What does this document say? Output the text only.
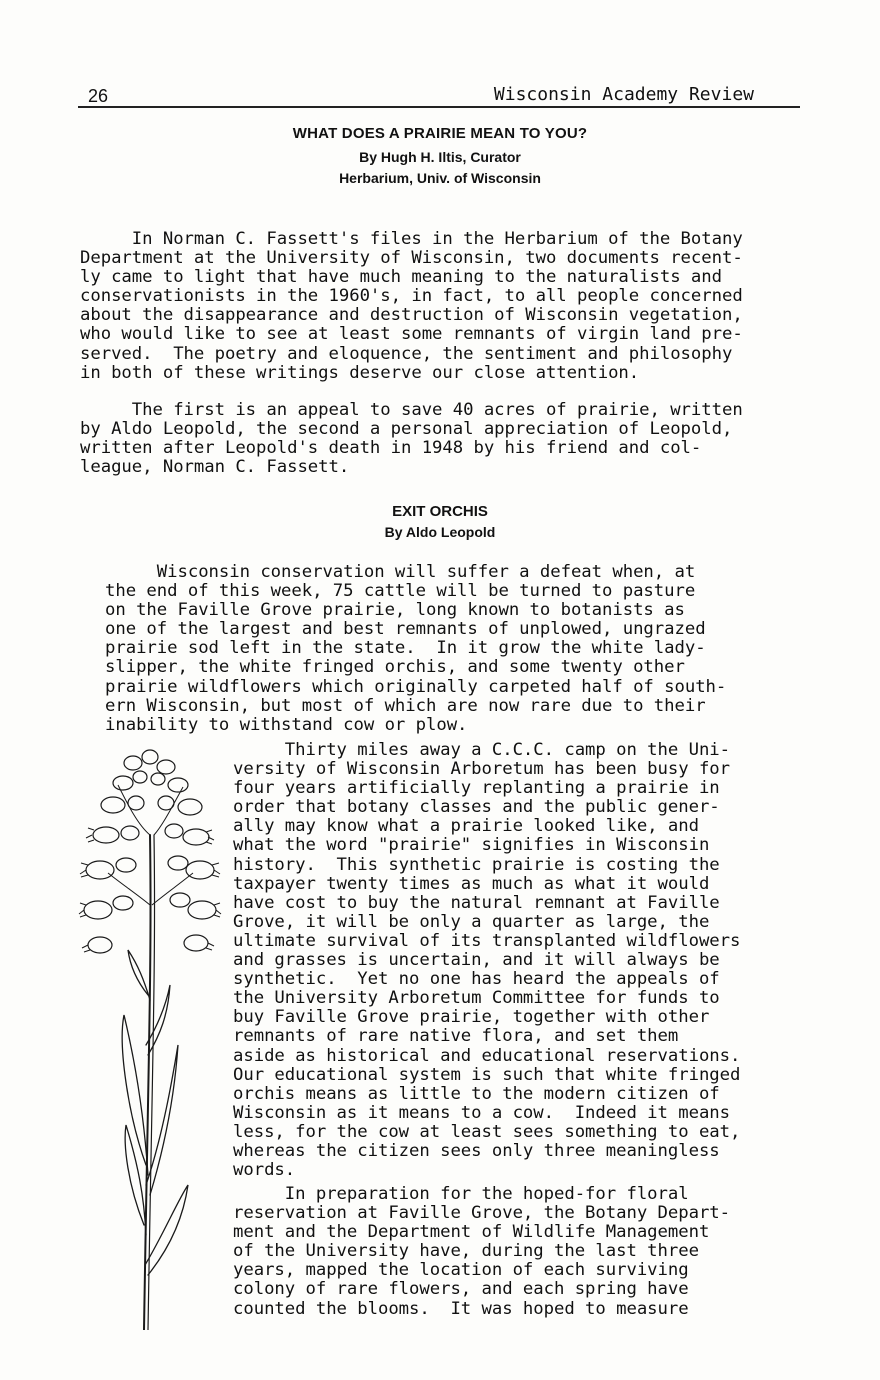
26	Wisconsin Academy Review
WHAT DOES A PRAIRIE MEAN TO YOU?
By Hugh H. Iltis, Curator
Herbarium, Univ. of Wisconsin

In Norman C. Fassett's files in the Herbarium of the Botany
Department at the University of Wisconsin, two documents recent-
ly came to light that have much meaning to the naturalists and
conservationists in the 1960's, in fact, to all people concerned
about the disappearance and destruction of Wisconsin vegetation,
who would like to see at least some remnants of virgin land pre-
served.  The poetry and eloquence, the sentiment and philosophy
in both of these writings deserve our close attention.

The first is an appeal to save 40 acres of prairie, written
by Aldo Leopold, the second a personal appreciation of Leopold,
written after Leopold's death in 1948 by his friend and col-
league, Norman C. Fassett.

EXIT ORCHIS
By Aldo Leopold

Wisconsin conservation will suffer a defeat when, at
the end of this week, 75 cattle will be turned to pasture
on the Faville Grove prairie, long known to botanists as
one of the largest and best remnants of unplowed, ungrazed
prairie sod left in the state.  In it grow the white lady-
slipper, the white fringed orchis, and some twenty other
prairie wildflowers which originally carpeted half of south-
ern Wisconsin, but most of which are now rare due to their
inability to withstand cow or plow.

Thirty miles away a C.C.C. camp on the Uni-
versity of Wisconsin Arboretum has been busy for
four years artificially replanting a prairie in
order that botany classes and the public gener-
ally may know what a prairie looked like, and
what the word "prairie" signifies in Wisconsin
history.  This synthetic prairie is costing the
taxpayer twenty times as much as what it would
have cost to buy the natural remnant at Faville
Grove, it will be only a quarter as large, the
ultimate survival of its transplanted wildflowers
and grasses is uncertain, and it will always be
synthetic.  Yet no one has heard the appeals of
the University Arboretum Committee for funds to
buy Faville Grove prairie, together with other
remnants of rare native flora, and set them
aside as historical and educational reservations.
Our educational system is such that white fringed
orchis means as little to the modern citizen of
Wisconsin as it means to a cow.  Indeed it means
less, for the cow at least sees something to eat,
whereas the citizen sees only three meaningless
words.

In preparation for the hoped-for floral
reservation at Faville Grove, the Botany Depart-
ment and the Department of Wildlife Management
of the University have, during the last three
years, mapped the location of each surviving
colony of rare flowers, and each spring have
counted the blooms.  It was hoped to measure
